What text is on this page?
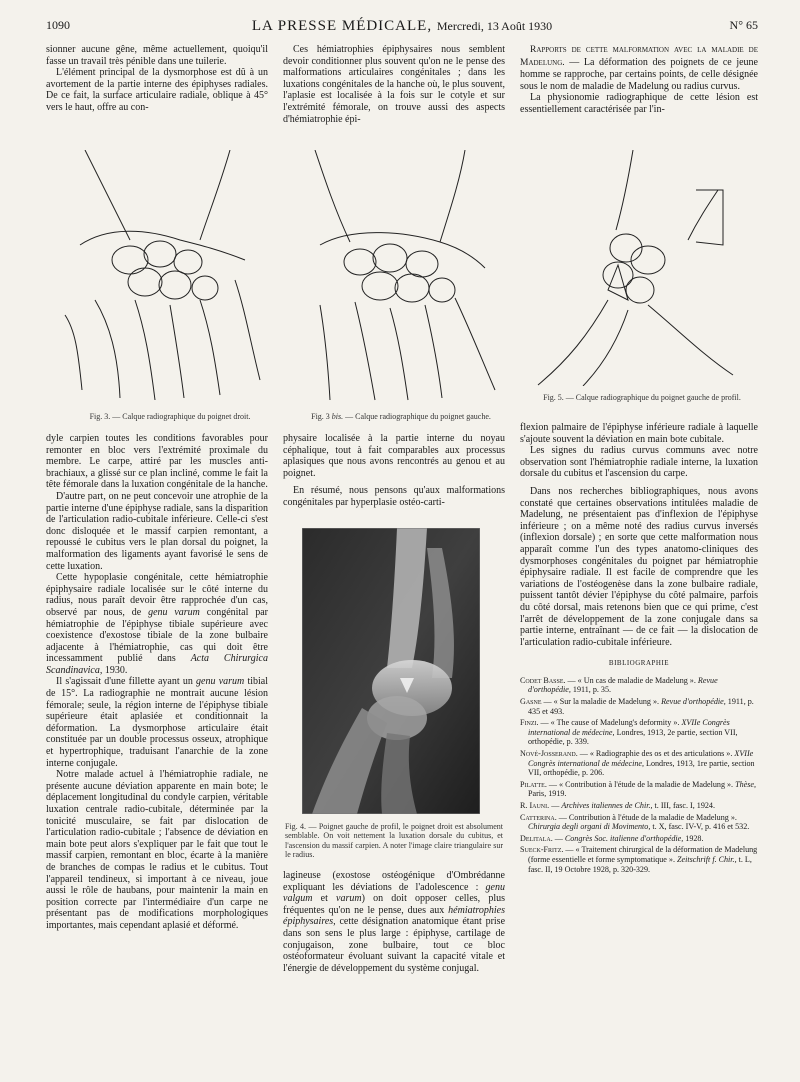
1090	LA PRESSE MÉDICALE, Mercredi, 13 Août 1930	N° 65

sionner aucune gêne, même actuellement, quoiqu'il fasse un travail très pénible dans une tuilerie.

L'élément principal de la dysmorphose est dû à un avortement de la partie interne des épiphyses radiales. De ce fait, la surface articulaire radiale, oblique à 45° vers le haut, offre au con-

Ces hémiatrophies épiphysaires nous semblent devoir conditionner plus souvent qu'on ne le pense des malformations articulaires congénitales ; dans les luxations congénitales de la hanche où, le plus souvent, l'aplasie est localisée à la fois sur le cotyle et sur l'extrémité fémorale, on trouve aussi des aspects d'hémiatrophie épi-

Rapports de cette malformation avec la maladie de Madelung. — La déformation des poignets de ce jeune homme se rapproche, par certains points, de celle désignée sous le nom de maladie de Madelung ou radius curvus.

La physionomie radiographique de cette lésion est essentiellement caractérisée par l'in-

Fig. 3. — Calque radiographique du poignet droit.	Fig. 3 bis. — Calque radiographique du poignet gauche.
Fig. 5. — Calque radiographique du poignet gauche de profil.

dyle carpien toutes les conditions favorables pour remonter en bloc vers l'extrémité proximale du membre. Le carpe, attiré par les muscles anti-brachiaux, a glissé sur ce plan incliné, comme le fait la tête fémorale dans la luxation congénitale de la hanche.

D'autre part, on ne peut concevoir une atrophie de la partie interne d'une épiphyse radiale, sans la disparition de l'articulation radio-cubitale inférieure. Celle-ci s'est donc disloquée et le massif carpien remontant, a repoussé le cubitus vers le plan dorsal du poignet, la malformation des ligaments ayant favorisé le sens de cette luxation.

Cette hypoplasie congénitale, cette hémiatrophie épiphysaire radiale localisée sur le côté interne du radius, nous paraît devoir être rapprochée d'un cas, observé par nous, de genu varum congénital par hémiatrophie de l'épiphyse tibiale supérieure avec coexistence d'exostose tibiale de la zone bulbaire adjacente à l'hémiatrophie, cas qui doit être incessamment publié dans Acta Chirurgica Scandinavica, 1930.

Il s'agissait d'une fillette ayant un genu varum tibial de 15°. La radiographie ne montrait aucune lésion fémorale; seule, la région interne de l'épiphyse tibiale supérieure était aplasiée et conditionnait la déformation. La dysmorphose articulaire était constituée par un double processus osseux, atrophique et hypertrophique, traduisant l'anarchie de la zone interne conjugale.

Notre malade actuel à l'hémiatrophie radiale, ne présente aucune déviation apparente en main bote; le déplacement longitudinal du condyle carpien, véritable luxation centrale radio-cubitale, déterminée par la tonicité musculaire, se fait par dislocation de l'articulation radio-cubitale ; l'absence de déviation en main bote peut alors s'expliquer par le fait que tout le massif carpien, remontant en bloc, écarte à la manière de branches de compas le radius et le cubitus. Tout l'appareil tendineux, si important à ce niveau, joue aussi le rôle de haubans, pour maintenir la main en position correcte par l'intermédiaire d'un carpe ne présentant pas de modifications morphologiques importantes, mais cependant aplasié et déformé.

physaire localisée à la partie interne du noyau céphalique, tout à fait comparables aux processus aplasiques que nous avons rencontrés au genou et au poignet.

En résumé, nous pensons qu'aux malformations congénitales par hyperplasie ostéo-carti-

Fig. 4. — Poignet gauche de profil, le poignet droit est absolument semblable. On voit nettement la luxation dorsale du cubitus, et l'ascension du massif carpien. A noter l'image claire triangulaire sur le radius.

lagineuse (exostose ostéogénique d'Ombrédanne expliquant les déviations de l'adolescence : genu valgum et varum) on doit opposer celles, plus fréquentes qu'on ne le pense, dues aux hémiatrophies épiphysaires, cette désignation anatomique étant prise dans son sens le plus large : épiphyse, cartilage de conjugaison, zone bulbaire, tout ce bloc ostéoformateur évoluant suivant la capacité vitale et l'énergie de développement du système conjugal.

flexion palmaire de l'épiphyse inférieure radiale à laquelle s'ajoute souvent la déviation en main bote cubitale.

Les signes du radius curvus communs avec notre observation sont l'hémiatrophie radiale interne, la luxation dorsale du cubitus et l'ascension du carpe.

Dans nos recherches bibliographiques, nous avons constaté que certaines observations intitulées maladie de Madelung, ne présentaient pas d'inflexion de l'épiphyse inférieure ; on a même noté des radius curvus inversés (inflexion dorsale) ; en sorte que cette malformation nous apparaît comme l'un des types anatomo-cliniques des dysmorphoses congénitales du poignet par hémiatrophie épiphysaire radiale. Il est facile de comprendre que les variations de l'ostéogenèse dans la zone bulbaire radiale, puissent tantôt dévier l'épiphyse du côté palmaire, parfois du côté dorsal, mais retenons bien que ce qui prime, c'est l'arrêt de développement de la zone conjugale dans sa partie interne, entraînant — de ce fait — la dislocation de l'articulation radio-cubitale inférieure.

BIBLIOGRAPHIE
Codet Basse. — « Un cas de maladie de Madelung ». Revue d'orthopédie, 1911, p. 35.
Gasne — « Sur la maladie de Madelung ». Revue d'orthopédie, 1911, p. 435 et 493.
Finzi. — « The cause of Madelung's deformity ». XVIIe Congrès international de médecine, Londres, 1913, 2e partie, section VII, orthopédie, p. 339.
Nové-Josserand. — « Radiographie des os et des articulations ». XVIIe Congrès international de médecine, Londres, 1913, 1re partie, section VII, orthopédie, p. 206.
Pilatte. — « Contribution à l'étude de la maladie de Madelung ». Thèse, Paris, 1919.
R. Iauni. — Archives italiennes de Chir., t. III, fasc. I, 1924.
Catterina. — Contribution à l'étude de la maladie de Madelung ». Chirurgia degli organi di Movimento, t. X, fasc. IV-V, p. 416 et 532.
Delitala. — Congrès Soc. italienne d'orthopédie, 1928.
Sueck-Fritz. — « Traitement chirurgical de la déformation de Madelung (forme essentielle et forme symptomatique ». Zeitschrift f. Chir., t. L, fasc. II, 19 Octobre 1928, p. 320-329.
